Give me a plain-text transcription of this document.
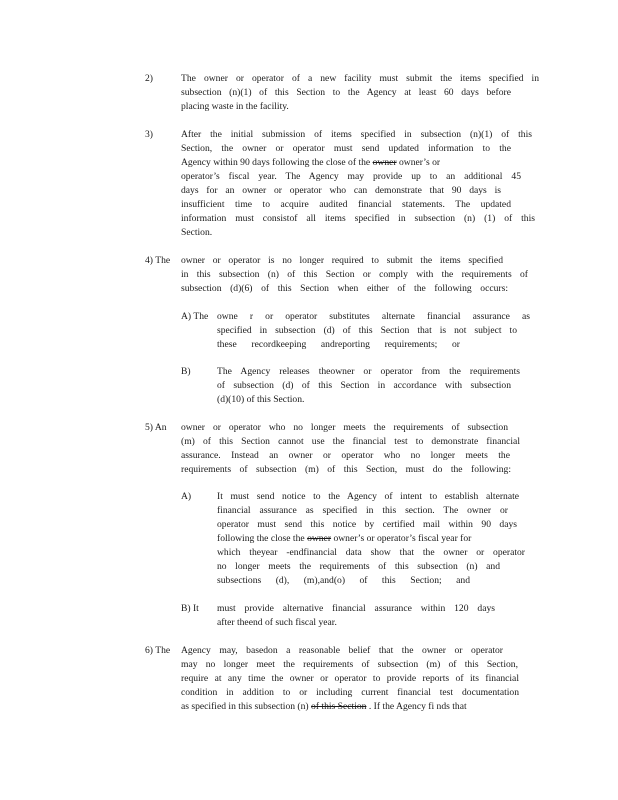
2)	The owner or operator of a new facility must submit the items specified in
subsection (n)(1) of this Section to the Agency at least 60 days before
placing waste in the facility.
3)	After the initial submission of items specified in subsection (n)(1) of this
Section, the owner or operator must send updated information to the
Agency within 90 days following the close of the owner owner’s or
operator’s fiscal year. The Agency may provide up to an additional 45
days for an owner or operator who can demonstrate that 90 days is
insufficient time to acquire audited financial statements. The updated
information must consistof all items specified in subsection (n) (1) of this
Section.
4) The owner or operator is no longer required to submit the items specified
in this subsection (n) of this Section or comply with the requirements of
subsection (d)(6) of this Section when either of the following occurs:
A) The owne r or operator substitutes alternate financial assurance as
specified in subsection (d) of this Section that is not subject to
these recordkeeping andreporting requirements; or
B)	The Agency releases theowner or operator from the requirements
of subsection (d) of this Section in accordance with subsection
(d)(10) of this Section.
5) An owner or operator who no longer meets the requirements of subsection
(m) of this Section cannot use the financial test to demonstrate financial
assurance. Instead an owner or operator who no longer meets the
requirements of subsection (m) of this Section, must do the following:
A)	It must send notice to the Agency of intent to establish alternate
financial assurance as specified in this section. The owner or
operator must send this notice by certified mail within 90 days
following the close the owner owner’s or operator’s fiscal year for
which theyear -endfinancial data show that the owner or operator
no longer meets the requirements of this subsection (n) and
subsections (d), (m),and(o) of this Section; and
B) It must provide alternative financial assurance within 120 days
after theend of such fiscal year.
6) The Agency may, basedon a reasonable belief that the owner or operator
may no longer meet the requirements of subsection (m) of this Section,
require at any time the owner or operator to provide reports of its financial
condition in addition to or including current financial test documentation
as specified in this subsection (n) of this Section . If the Agency fi nds that
